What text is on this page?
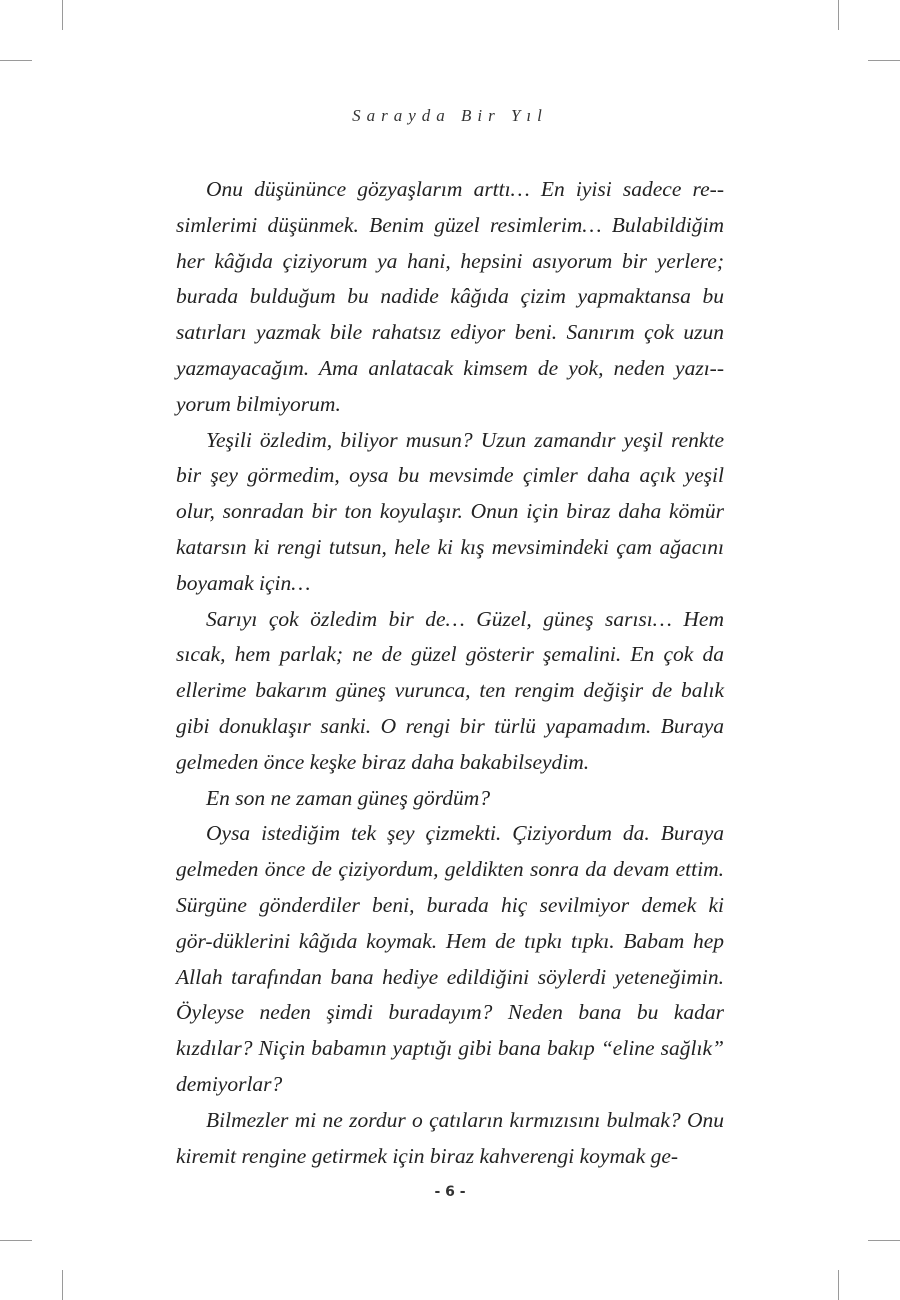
Sarayda Bir Yıl

Onu düşününce gözyaşlarım arttı… En iyisi sadece re-simlerimi düşünmek. Benim güzel resimlerim… Bulabildiğim her kâğıda çiziyorum ya hani, hepsini asıyorum bir yerlere; burada bulduğum bu nadide kâğıda çizim yapmaktansa bu satırları yazmak bile rahatsız ediyor beni. Sanırım çok uzun yazmayacağım. Ama anlatacak kimsem de yok, neden yazı-yorum bilmiyorum.

Yeşili özledim, biliyor musun? Uzun zamandır yeşil renkte bir şey görmedim, oysa bu mevsimde çimler daha açık yeşil olur, sonradan bir ton koyulaşır. Onun için biraz daha kömür katarsın ki rengi tutsun, hele ki kış mevsimindeki çam ağacını boyamak için…

Sarıyı çok özledim bir de… Güzel, güneş sarısı… Hem sıcak, hem parlak; ne de güzel gösterir şemalini. En çok da ellerime bakarım güneş vurunca, ten rengim değişir de balık gibi donuklaşır sanki. O rengi bir türlü yapamadım. Buraya gelmeden önce keşke biraz daha bakabilseydim.

En son ne zaman güneş gördüm?

Oysa istediğim tek şey çizmekti. Çiziyordum da. Buraya gelmeden önce de çiziyordum, geldikten sonra da devam ettim. Sürgüne gönderdiler beni, burada hiç sevilmiyor demek ki gör-düklerini kâğıda koymak. Hem de tıpkı tıpkı. Babam hep Allah tarafından bana hediye edildiğini söylerdi yeteneğimin. Öyleyse neden şimdi buradayım? Neden bana bu kadar kızdılar? Niçin babamın yaptığı gibi bana bakıp “eline sağlık” demiyorlar?

Bilmezler mi ne zordur o çatıların kırmızısını bulmak? Onu kiremit rengine getirmek için biraz kahverengi koymak ge-

- 6 -
